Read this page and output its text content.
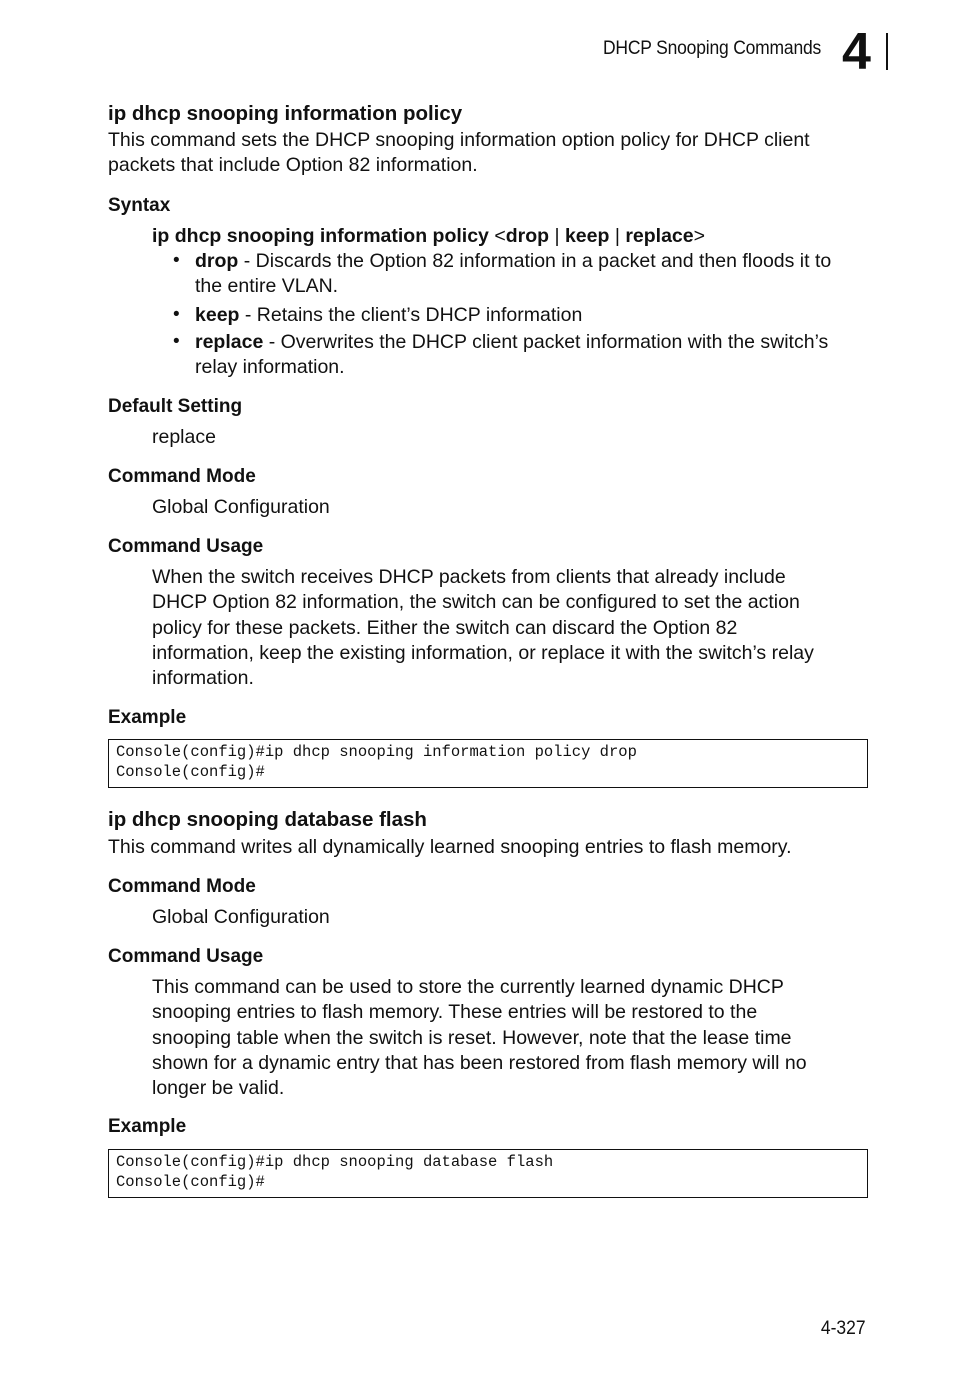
DHCP Snooping Commands 4
ip dhcp snooping information policy
This command sets the DHCP snooping information option policy for DHCP client
packets that include Option 82 information.
Syntax
ip dhcp snooping information policy <drop | keep | replace>
• drop - Discards the Option 82 information in a packet and then floods it to
the entire VLAN.
• keep - Retains the client’s DHCP information
• replace - Overwrites the DHCP client packet information with the switch’s
relay information.
Default Setting
replace
Command Mode
Global Configuration
Command Usage
When the switch receives DHCP packets from clients that already include
DHCP Option 82 information, the switch can be configured to set the action
policy for these packets. Either the switch can discard the Option 82
information, keep the existing information, or replace it with the switch’s relay
information.
Example
Console(config)#ip dhcp snooping information policy drop
Console(config)#
ip dhcp snooping database flash
This command writes all dynamically learned snooping entries to flash memory.
Command Mode
Global Configuration
Command Usage
This command can be used to store the currently learned dynamic DHCP
snooping entries to flash memory. These entries will be restored to the
snooping table when the switch is reset. However, note that the lease time
shown for a dynamic entry that has been restored from flash memory will no
longer be valid.
Example
Console(config)#ip dhcp snooping database flash
Console(config)#
4-327
